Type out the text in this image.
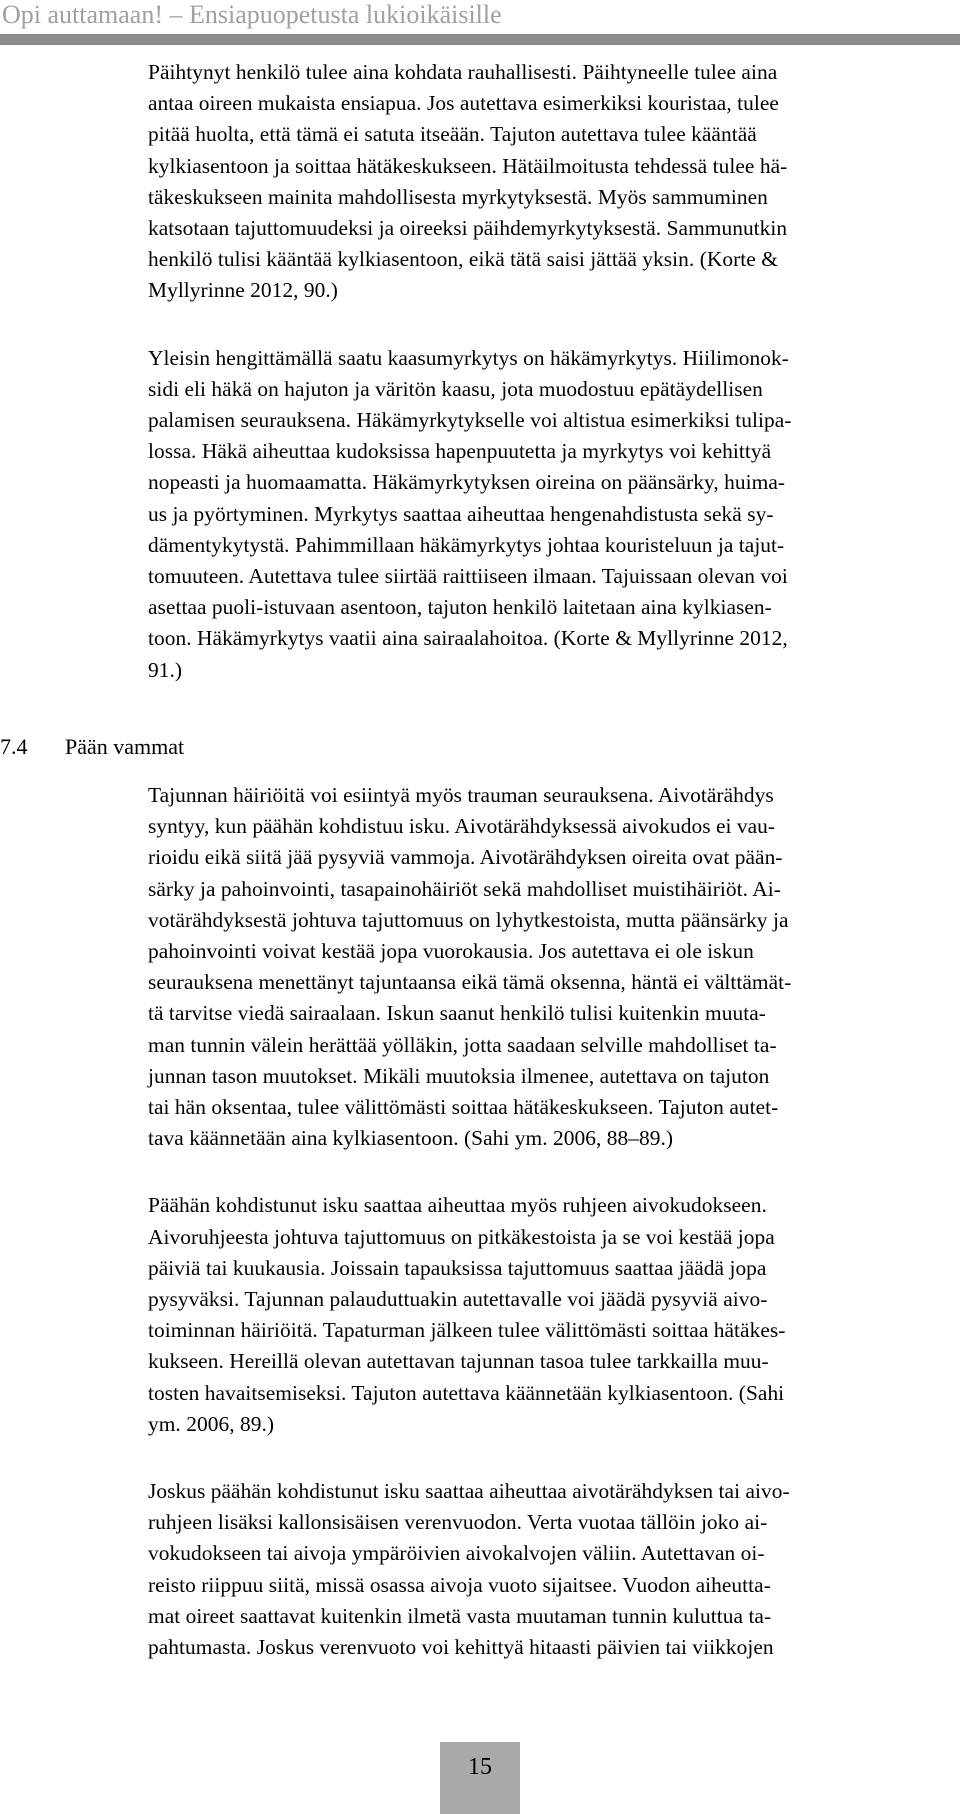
Opi auttamaan! – Ensiapuopetusta lukioikäisille

Päihtynyt henkilö tulee aina kohdata rauhallisesti. Päihtyneelle tulee aina
antaa oireen mukaista ensiapua. Jos autettava esimerkiksi kouristaa, tulee
pitää huolta, että tämä ei satuta itseään. Tajuton autettava tulee kääntää
kylkiasentoon ja soittaa hätäkeskukseen. Hätäilmoitusta tehdessä tulee hä-
täkeskukseen mainita mahdollisesta myrkytyksestä. Myös sammuminen
katsotaan tajuttomuudeksi ja oireeksi päihdemyrkytyksestä. Sammunutkin
henkilö tulisi kääntää kylkiasentoon, eikä tätä saisi jättää yksin. (Korte &
Myllyrinne 2012, 90.)

Yleisin hengittämällä saatu kaasumyrkytys on häkämyrkytys. Hiilimonok-
sidi eli häkä on hajuton ja väritön kaasu, jota muodostuu epätäydellisen
palamisen seurauksena. Häkämyrkytykselle voi altistua esimerkiksi tulipa-
lossa. Häkä aiheuttaa kudoksissa hapenpuutetta ja myrkytys voi kehittyä
nopeasti ja huomaamatta. Häkämyrkytyksen oireina on päänsärky, huima-
us ja pyörtyminen. Myrkytys saattaa aiheuttaa hengenahdistusta sekä sy-
dämentykytystä. Pahimmillaan häkämyrkytys johtaa kouristeluun ja tajut-
tomuuteen. Autettava tulee siirtää raittiiseen ilmaan. Tajuissaan olevan voi
asettaa puoli-istuvaan asentoon, tajuton henkilö laitetaan aina kylkiasen-
toon. Häkämyrkytys vaatii aina sairaalahoitoa. (Korte & Myllyrinne 2012,
91.)

7.4 Pään vammat

Tajunnan häiriöitä voi esiintyä myös trauman seurauksena. Aivotärähdys
syntyy, kun päähän kohdistuu isku. Aivotärähdyksessä aivokudos ei vau-
rioidu eikä siitä jää pysyviä vammoja. Aivotärähdyksen oireita ovat pään-
särky ja pahoinvointi, tasapainohäiriöt sekä mahdolliset muistihäiriöt. Ai-
votärähdyksestä johtuva tajuttomuus on lyhytkestoista, mutta päänsärky ja
pahoinvointi voivat kestää jopa vuorokausia. Jos autettava ei ole iskun
seurauksena menettänyt tajuntaansa eikä tämä oksenna, häntä ei välttämät-
tä tarvitse viedä sairaalaan. Iskun saanut henkilö tulisi kuitenkin muuta-
man tunnin välein herättää yölläkin, jotta saadaan selville mahdolliset ta-
junnan tason muutokset. Mikäli muutoksia ilmenee, autettava on tajuton
tai hän oksentaa, tulee välittömästi soittaa hätäkeskukseen. Tajuton autet-
tava käännetään aina kylkiasentoon. (Sahi ym. 2006, 88–89.)

Päähän kohdistunut isku saattaa aiheuttaa myös ruhjeen aivokudokseen.
Aivoruhjeesta johtuva tajuttomuus on pitkäkestoista ja se voi kestää jopa
päiviä tai kuukausia. Joissain tapauksissa tajuttomuus saattaa jäädä jopa
pysyväksi. Tajunnan palauduttuakin autettavalle voi jäädä pysyviä aivo-
toiminnan häiriöitä. Tapaturman jälkeen tulee välittömästi soittaa hätäkes-
kukseen. Hereillä olevan autettavan tajunnan tasoa tulee tarkkailla muu-
tosten havaitsemiseksi. Tajuton autettava käännetään kylkiasentoon. (Sahi
ym. 2006, 89.)

Joskus päähän kohdistunut isku saattaa aiheuttaa aivotärähdyksen tai aivo-
ruhjeen lisäksi kallonsisäisen verenvuodon. Verta vuotaa tällöin joko ai-
vokudokseen tai aivoja ympäröivien aivokalvojen väliin. Autettavan oi-
reisto riippuu siitä, missä osassa aivoja vuoto sijaitsee. Vuodon aiheutta-
mat oireet saattavat kuitenkin ilmetä vasta muutaman tunnin kuluttua ta-
pahtumasta. Joskus verenvuoto voi kehittyä hitaasti päivien tai viikkojen

15
